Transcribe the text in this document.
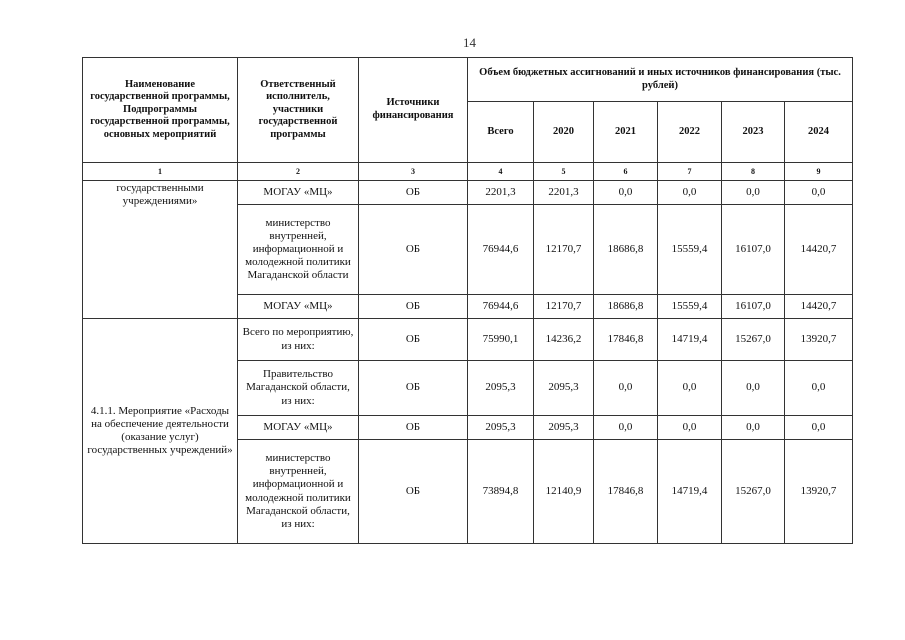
14
Наименование государственной программы, Подпрограммы государственной программы, основных мероприятий	Ответственный исполнитель, участники государственной программы	Источники финансирования	Объем бюджетных ассигнований и иных источников финансирования (тыс. рублей)					
			Всего	2020	2021	2022	2023	2024
1	2	3	4	5	6	7	8	9
государственными учреждениями»	МОГАУ «МЦ»	ОБ	2201,3	2201,3	0,0	0,0	0,0	0,0
	министерство внутренней, информационной и молодежной политики Магаданской области	ОБ	76944,6	12170,7	18686,8	15559,4	16107,0	14420,7
	МОГАУ «МЦ»	ОБ	76944,6	12170,7	18686,8	15559,4	16107,0	14420,7
4.1.1. Мероприятие «Расходы на обеспечение деятельности (оказание услуг) государственных учреждений»	Всего по мероприятию, из них:	ОБ	75990,1	14236,2	17846,8	14719,4	15267,0	13920,7
	Правительство Магаданской области, из них:	ОБ	2095,3	2095,3	0,0	0,0	0,0	0,0
	МОГАУ «МЦ»	ОБ	2095,3	2095,3	0,0	0,0	0,0	0,0
	министерство внутренней, информационной и молодежной политики Магаданской области, из них:	ОБ	73894,8	12140,9	17846,8	14719,4	15267,0	13920,7
